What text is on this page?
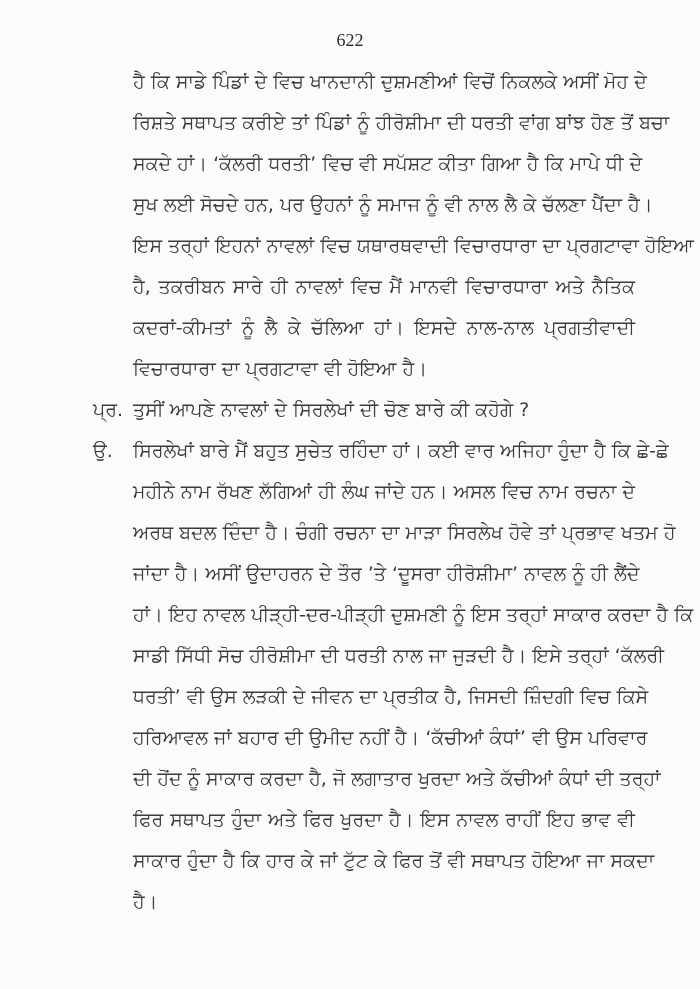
622
ਹੈ ਕਿ ਸਾਡੇ ਪਿੰਡਾਂ ਦੇ ਵਿਚ ਖਾਨਦਾਨੀ ਦੁਸ਼ਮਣੀਆਂ ਵਿਚੋਂ ਨਿਕਲਕੇ ਅਸੀਂ ਮੋਹ ਦੇ
ਰਿਸ਼ਤੇ ਸਥਾਪਤ ਕਰੀਏ ਤਾਂ ਪਿੰਡਾਂ ਨੂੰ ਹੀਰੋਸ਼ੀਮਾ ਦੀ ਧਰਤੀ ਵਾਂਗ ਬਾਂਝ ਹੋਣ ਤੋਂ ਬਚਾ
ਸਕਦੇ ਹਾਂ। ‘ਕੱਲਰੀ ਧਰਤੀ’ ਵਿਚ ਵੀ ਸਪੱਸ਼ਟ ਕੀਤਾ ਗਿਆ ਹੈ ਕਿ ਮਾਪੇ ਧੀ ਦੇ
ਸੁਖ ਲਈ ਸੋਚਦੇ ਹਨ, ਪਰ ਉਹਨਾਂ ਨੂੰ ਸਮਾਜ ਨੂੰ ਵੀ ਨਾਲ ਲੈ ਕੇ ਚੱਲਣਾ ਪੈਂਦਾ ਹੈ।
ਇਸ ਤਰ੍ਹਾਂ ਇਹਨਾਂ ਨਾਵਲਾਂ ਵਿਚ ਯਥਾਰਥਵਾਦੀ ਵਿਚਾਰਧਾਰਾ ਦਾ ਪ੍ਰਗਟਾਵਾ ਹੋਇਆ
ਹੈ, ਤਕਰੀਬਨ ਸਾਰੇ ਹੀ ਨਾਵਲਾਂ ਵਿਚ ਮੈਂ ਮਾਨਵੀ ਵਿਚਾਰਧਾਰਾ ਅਤੇ ਨੈਤਿਕ
ਕਦਰਾਂ-ਕੀਮਤਾਂ ਨੂੰ ਲੈ ਕੇ ਚੱਲਿਆ ਹਾਂ। ਇਸਦੇ ਨਾਲ-ਨਾਲ ਪ੍ਰਗਤੀਵਾਦੀ
ਵਿਚਾਰਧਾਰਾ ਦਾ ਪ੍ਰਗਟਾਵਾ ਵੀ ਹੋਇਆ ਹੈ।
ਪ੍ਰ. ਤੁਸੀਂ ਆਪਣੇ ਨਾਵਲਾਂ ਦੇ ਸਿਰਲੇਖਾਂ ਦੀ ਚੋਣ ਬਾਰੇ ਕੀ ਕਹੋਗੇ ?
ਉ. ਸਿਰਲੇਖਾਂ ਬਾਰੇ ਮੈਂ ਬਹੁਤ ਸੁਚੇਤ ਰਹਿੰਦਾ ਹਾਂ। ਕਈ ਵਾਰ ਅਜਿਹਾ ਹੁੰਦਾ ਹੈ ਕਿ ਛੇ-ਛੇ
ਮਹੀਨੇ ਨਾਮ ਰੱਖਣ ਲੱਗਿਆਂ ਹੀ ਲੰਘ ਜਾਂਦੇ ਹਨ। ਅਸਲ ਵਿਚ ਨਾਮ ਰਚਨਾ ਦੇ
ਅਰਥ ਬਦਲ ਦਿੰਦਾ ਹੈ। ਚੰਗੀ ਰਚਨਾ ਦਾ ਮਾੜਾ ਸਿਰਲੇਖ ਹੋਵੇ ਤਾਂ ਪ੍ਰਭਾਵ ਖਤਮ ਹੋ
ਜਾਂਦਾ ਹੈ। ਅਸੀਂ ਉਦਾਹਰਨ ਦੇ ਤੌਰ ’ਤੇ ‘ਦੂਸਰਾ ਹੀਰੋਸ਼ੀਮਾ’ ਨਾਵਲ ਨੂੰ ਹੀ ਲੈਂਦੇ
ਹਾਂ। ਇਹ ਨਾਵਲ ਪੀੜ੍ਹੀ-ਦਰ-ਪੀੜ੍ਹੀ ਦੁਸ਼ਮਣੀ ਨੂੰ ਇਸ ਤਰ੍ਹਾਂ ਸਾਕਾਰ ਕਰਦਾ ਹੈ ਕਿ
ਸਾਡੀ ਸਿੱਧੀ ਸੋਚ ਹੀਰੋਸ਼ੀਮਾ ਦੀ ਧਰਤੀ ਨਾਲ ਜਾ ਜੁੜਦੀ ਹੈ। ਇਸੇ ਤਰ੍ਹਾਂ ‘ਕੱਲਰੀ
ਧਰਤੀ’ ਵੀ ਉਸ ਲੜਕੀ ਦੇ ਜੀਵਨ ਦਾ ਪ੍ਰਤੀਕ ਹੈ, ਜਿਸਦੀ ਜ਼ਿੰਦਗੀ ਵਿਚ ਕਿਸੇ
ਹਰਿਆਵਲ ਜਾਂ ਬਹਾਰ ਦੀ ਉਮੀਦ ਨਹੀਂ ਹੈ। ‘ਕੱਚੀਆਂ ਕੰਧਾਂ’ ਵੀ ਉਸ ਪਰਿਵਾਰ
ਦੀ ਹੋਂਦ ਨੂੰ ਸਾਕਾਰ ਕਰਦਾ ਹੈ, ਜੋ ਲਗਾਤਾਰ ਖੁਰਦਾ ਅਤੇ ਕੱਚੀਆਂ ਕੰਧਾਂ ਦੀ ਤਰ੍ਹਾਂ
ਫਿਰ ਸਥਾਪਤ ਹੁੰਦਾ ਅਤੇ ਫਿਰ ਖੁਰਦਾ ਹੈ। ਇਸ ਨਾਵਲ ਰਾਹੀਂ ਇਹ ਭਾਵ ਵੀ
ਸਾਕਾਰ ਹੁੰਦਾ ਹੈ ਕਿ ਹਾਰ ਕੇ ਜਾਂ ਟੁੱਟ ਕੇ ਫਿਰ ਤੋਂ ਵੀ ਸਥਾਪਤ ਹੋਇਆ ਜਾ ਸਕਦਾ
ਹੈ।
